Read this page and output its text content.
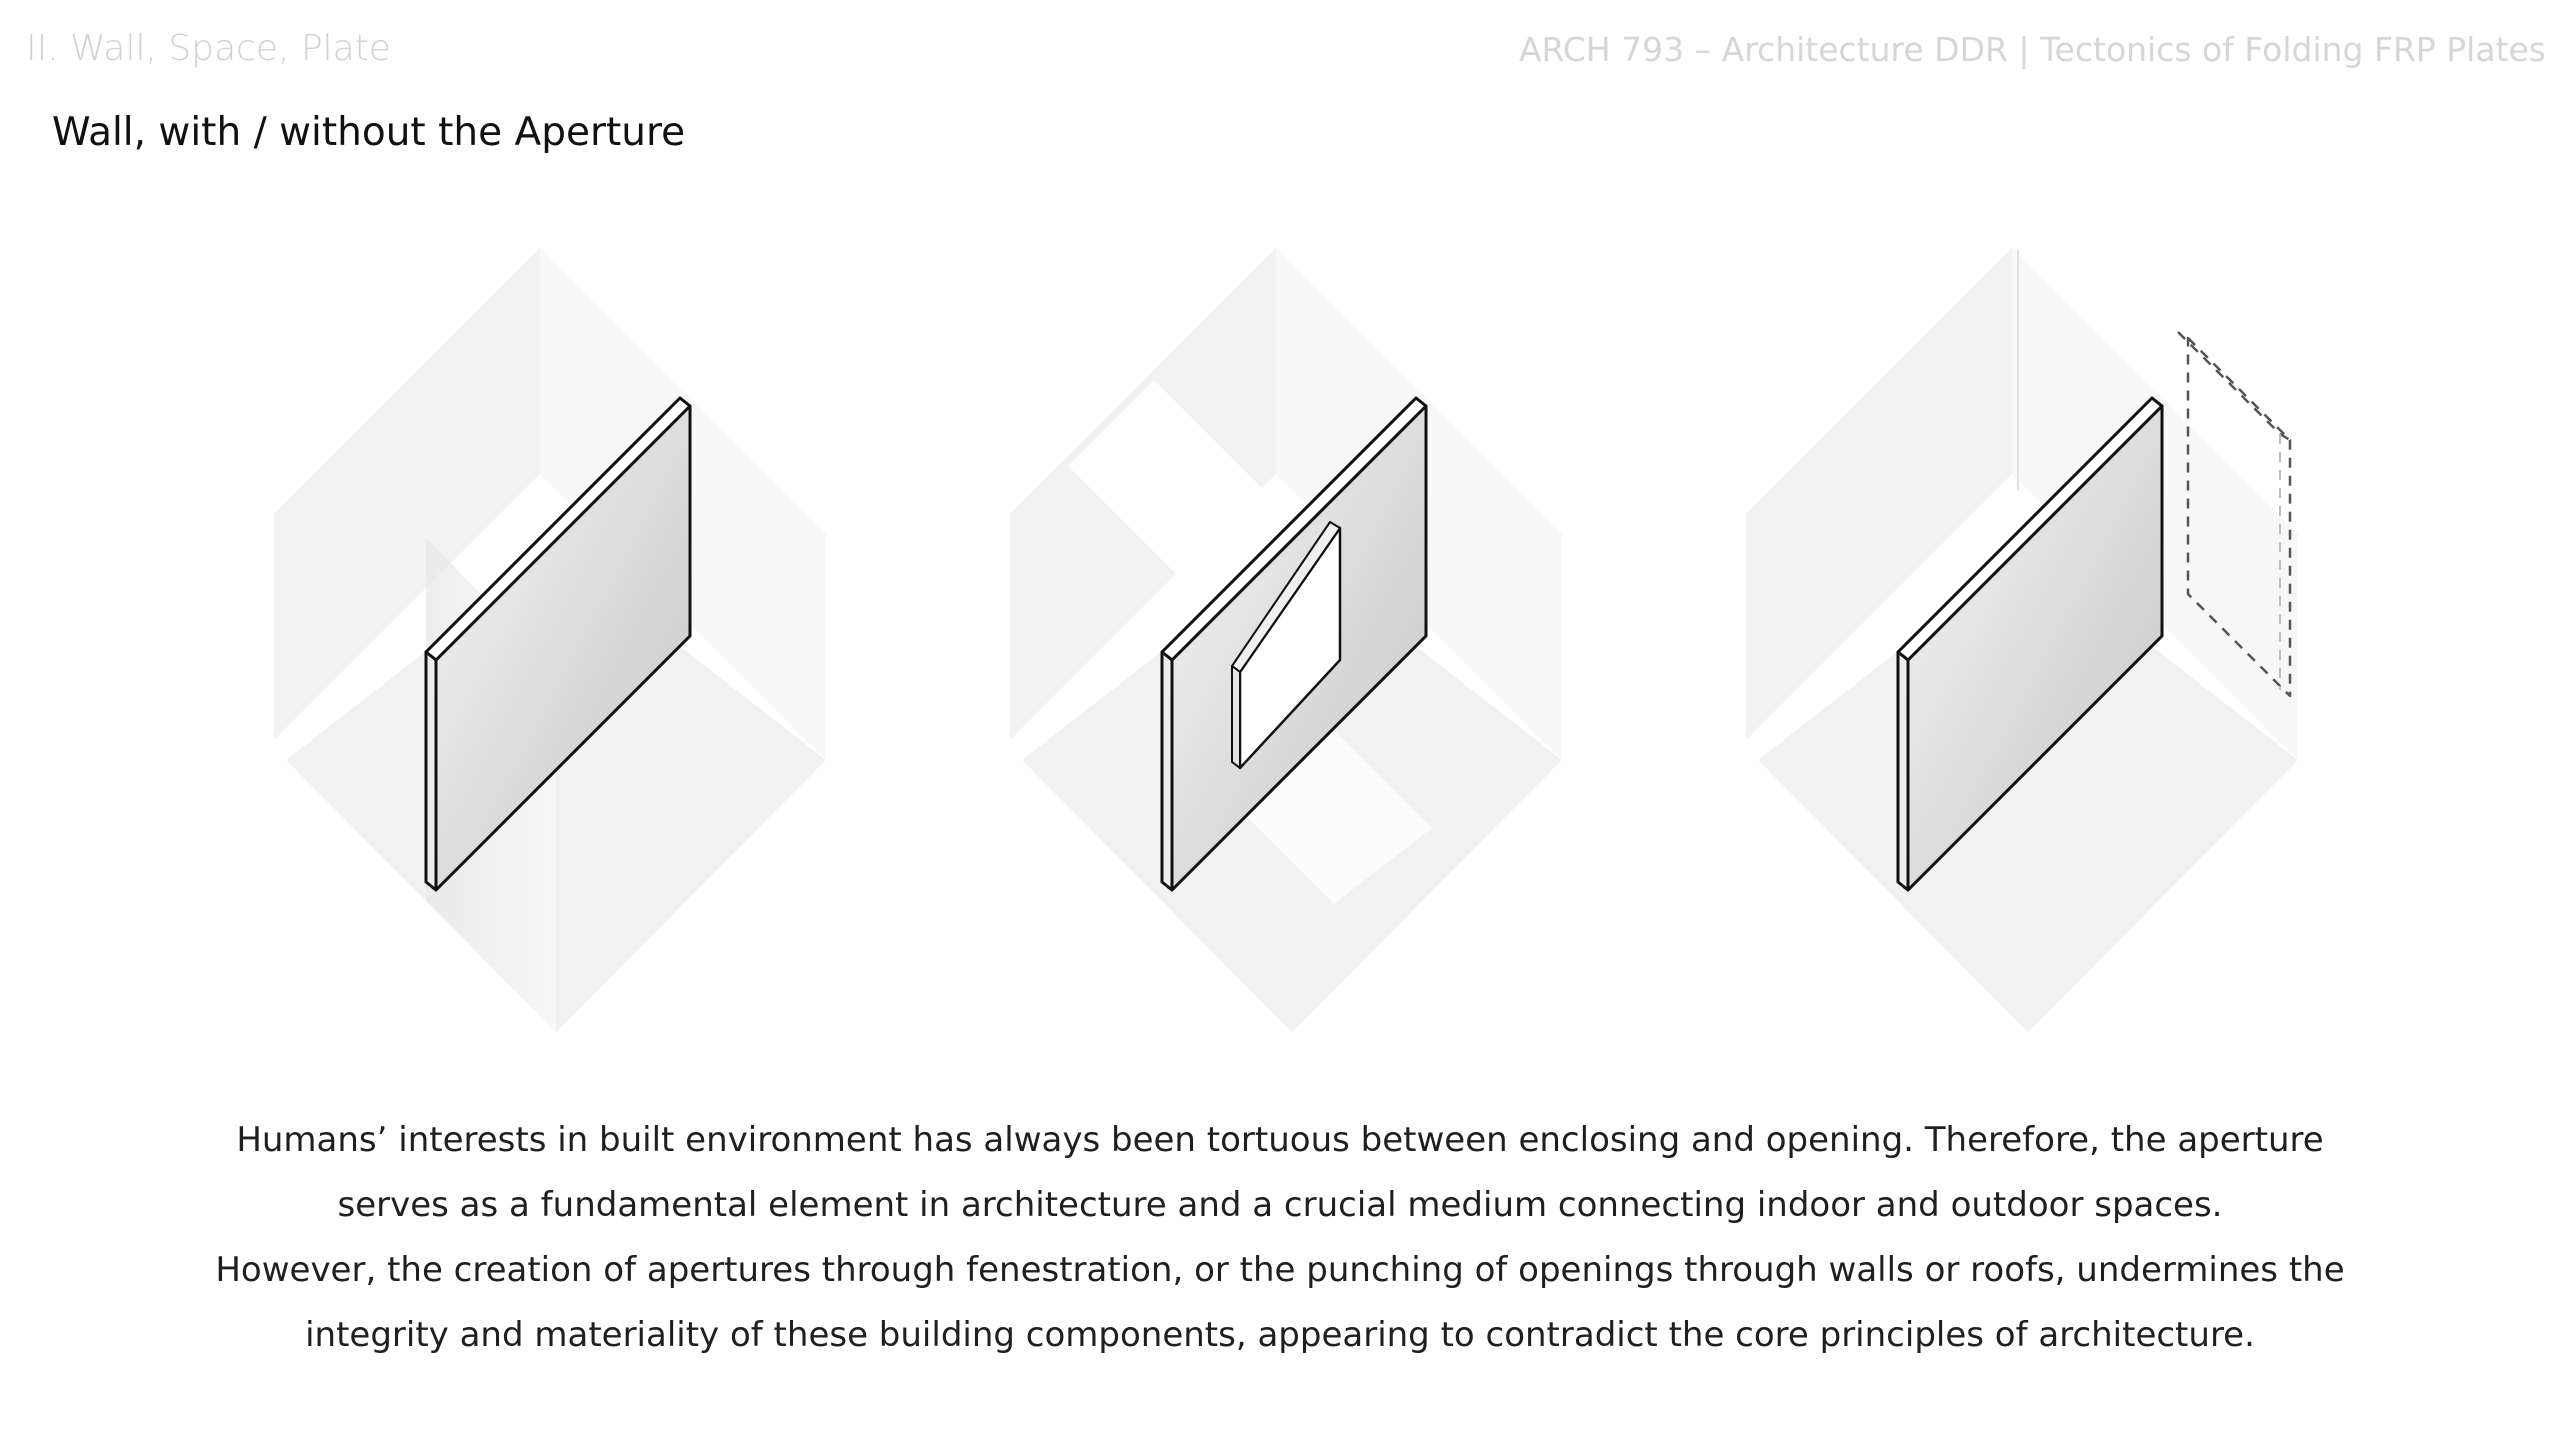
II. Wall, Space, Plate	ARCH 793 – Architecture DDR | Tectonics of Folding FRP Plates
Wall, with / without the Aperture

Humans’ interests in built environment has always been tortuous between enclosing and opening. Therefore, the aperture serves as a fundamental element in architecture and a crucial medium connecting indoor and outdoor spaces.

However, the creation of apertures through fenestration, or the punching of openings through walls or roofs, undermines the integrity and materiality of these building components, appearing to contradict the core principles of architecture.
